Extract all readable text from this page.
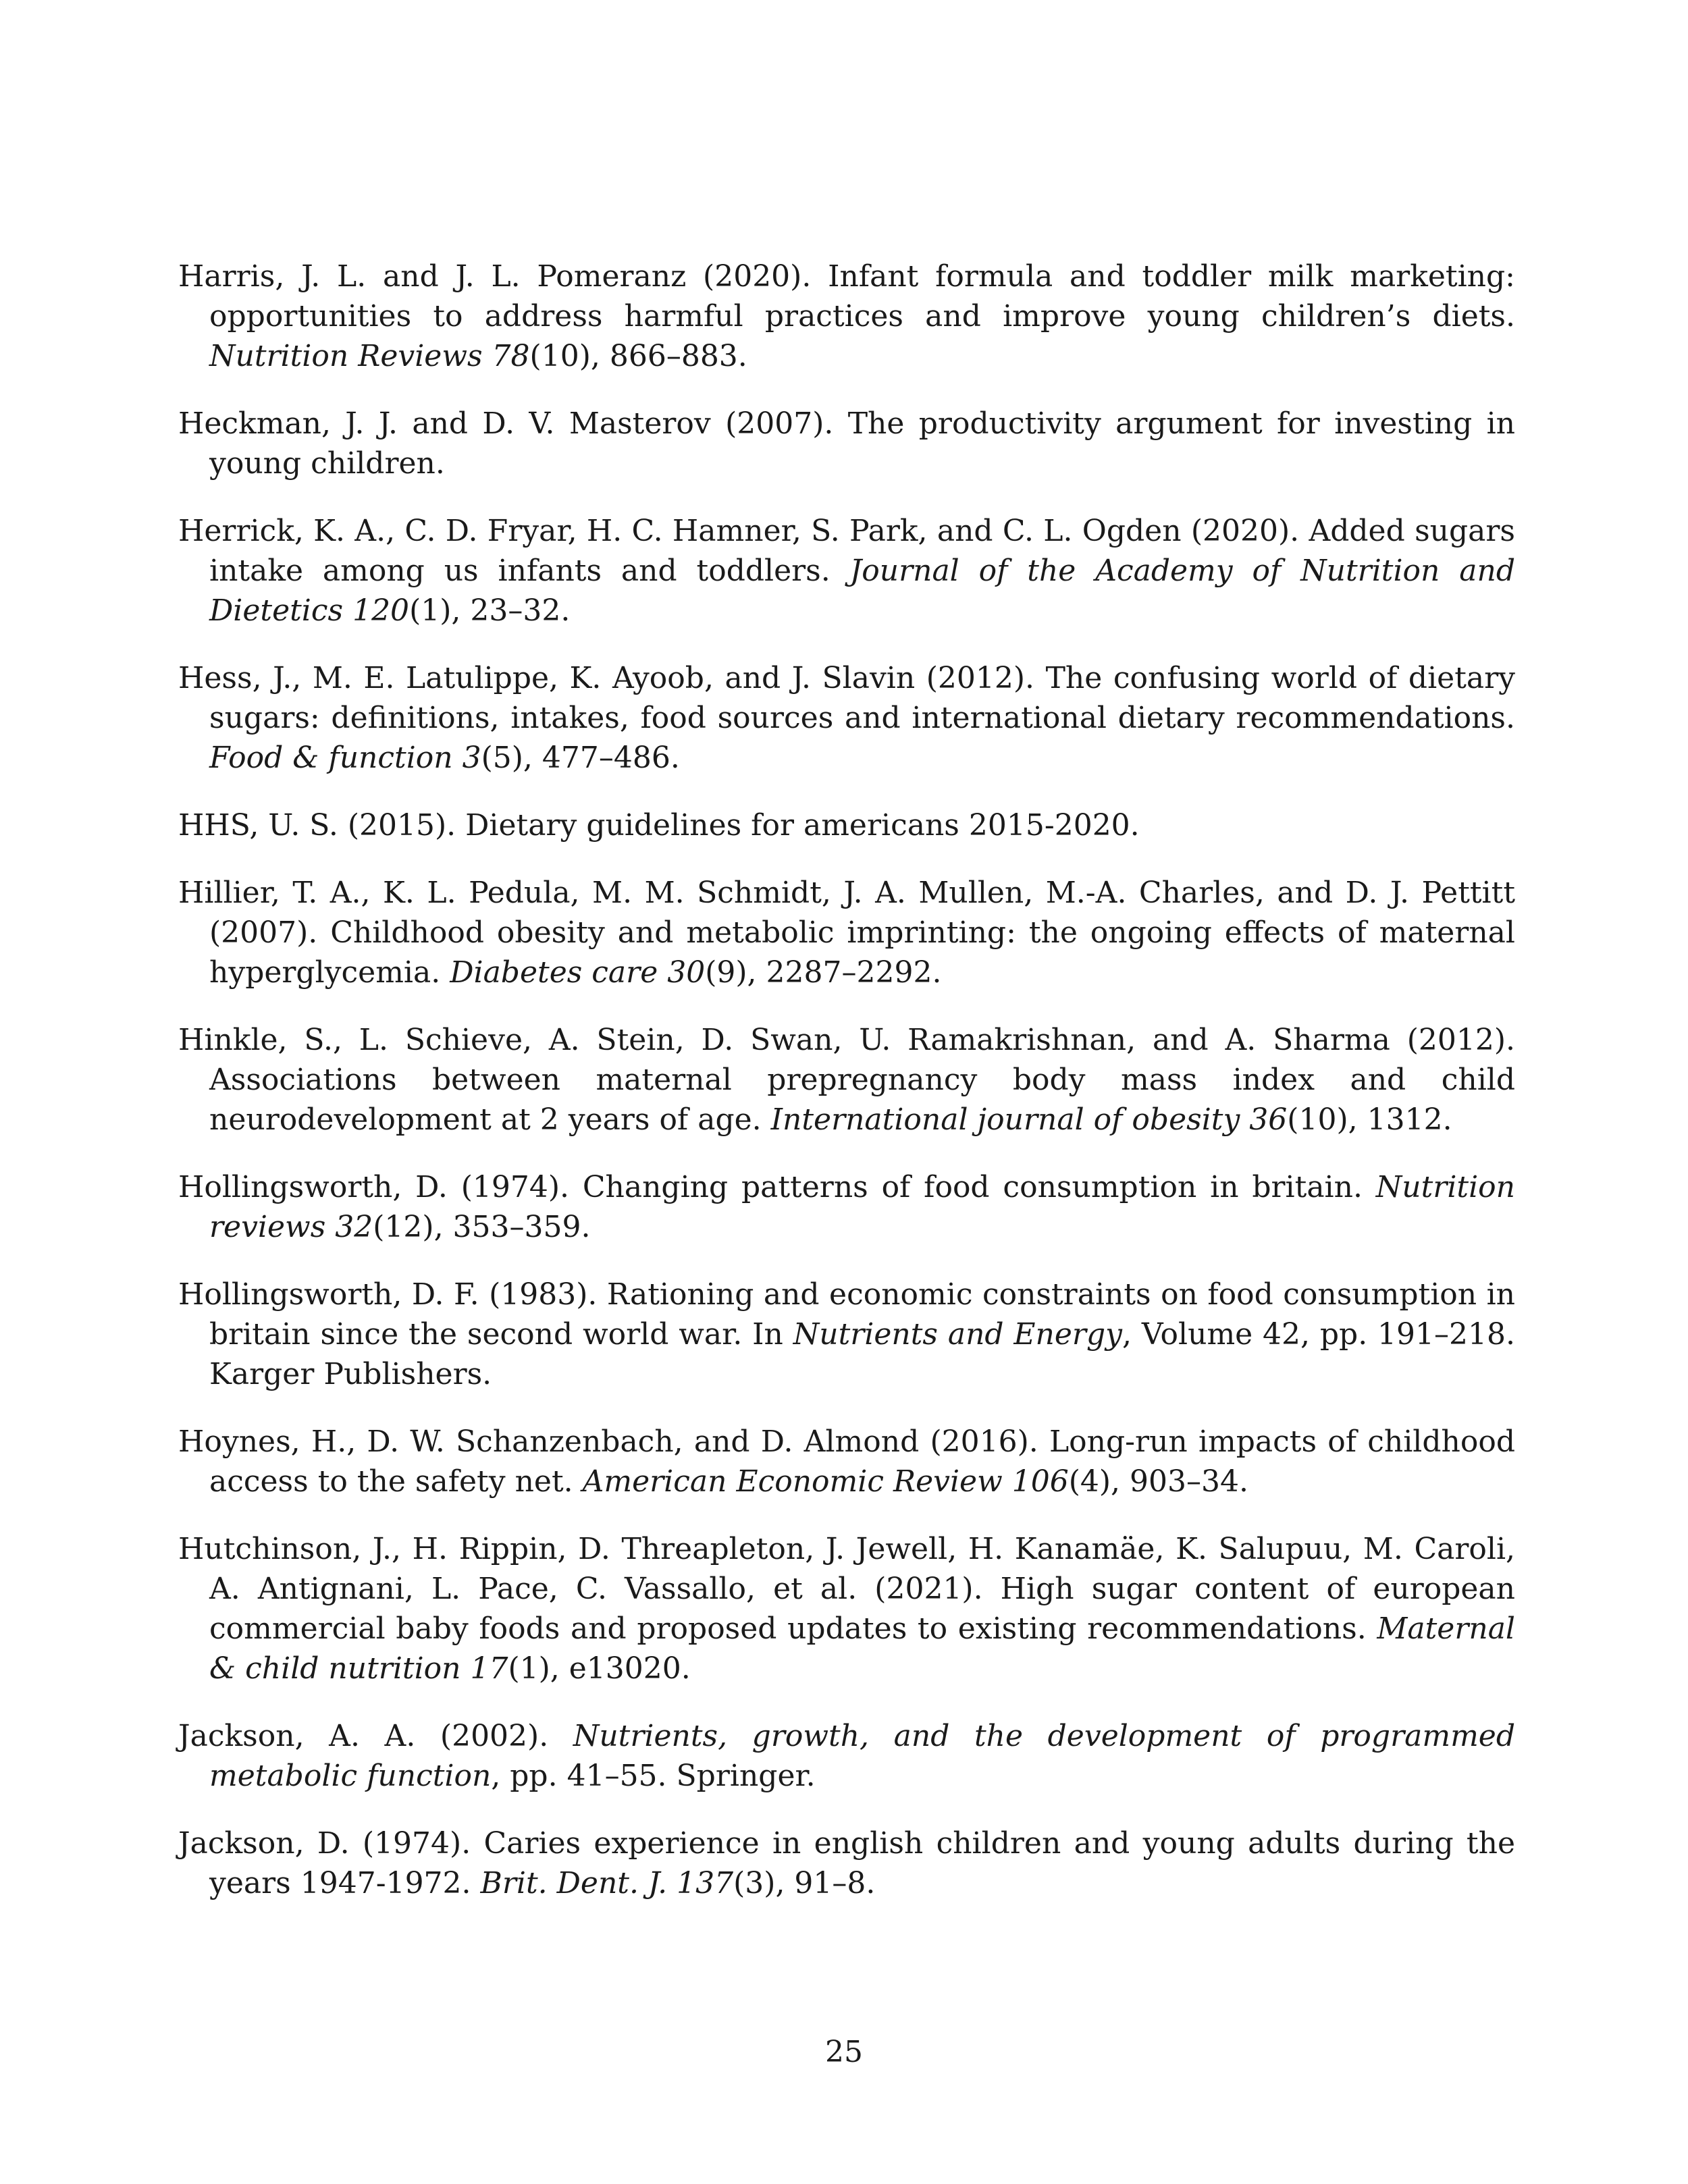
Harris, J. L. and J. L. Pomeranz (2020). Infant formula and toddler milk marketing: opportunities to address harmful practices and improve young children’s diets. Nutrition Reviews 78(10), 866–883.

Heckman, J. J. and D. V. Masterov (2007). The productivity argument for investing in young children.

Herrick, K. A., C. D. Fryar, H. C. Hamner, S. Park, and C. L. Ogden (2020). Added sugars intake among us infants and toddlers. Journal of the Academy of Nutrition and Dietetics 120(1), 23–32.

Hess, J., M. E. Latulippe, K. Ayoob, and J. Slavin (2012). The confusing world of dietary sugars: definitions, intakes, food sources and international dietary recommendations. Food & function 3(5), 477–486.

HHS, U. S. (2015). Dietary guidelines for americans 2015-2020.

Hillier, T. A., K. L. Pedula, M. M. Schmidt, J. A. Mullen, M.-A. Charles, and D. J. Pettitt (2007). Childhood obesity and metabolic imprinting: the ongoing effects of maternal hyperglycemia. Diabetes care 30(9), 2287–2292.

Hinkle, S., L. Schieve, A. Stein, D. Swan, U. Ramakrishnan, and A. Sharma (2012). Associations between maternal prepregnancy body mass index and child neurodevelopment at 2 years of age. International journal of obesity 36(10), 1312.

Hollingsworth, D. (1974). Changing patterns of food consumption in britain. Nutrition reviews 32(12), 353–359.

Hollingsworth, D. F. (1983). Rationing and economic constraints on food consumption in britain since the second world war. In Nutrients and Energy, Volume 42, pp. 191–218. Karger Publishers.

Hoynes, H., D. W. Schanzenbach, and D. Almond (2016). Long-run impacts of childhood access to the safety net. American Economic Review 106(4), 903–34.

Hutchinson, J., H. Rippin, D. Threapleton, J. Jewell, H. Kanamäe, K. Salupuu, M. Caroli, A. Antignani, L. Pace, C. Vassallo, et al. (2021). High sugar content of european commercial baby foods and proposed updates to existing recommendations. Maternal & child nutrition 17(1), e13020.

Jackson, A. A. (2002). Nutrients, growth, and the development of programmed metabolic function, pp. 41–55. Springer.

Jackson, D. (1974). Caries experience in english children and young adults during the years 1947-1972. Brit. Dent. J. 137(3), 91–8.

25
